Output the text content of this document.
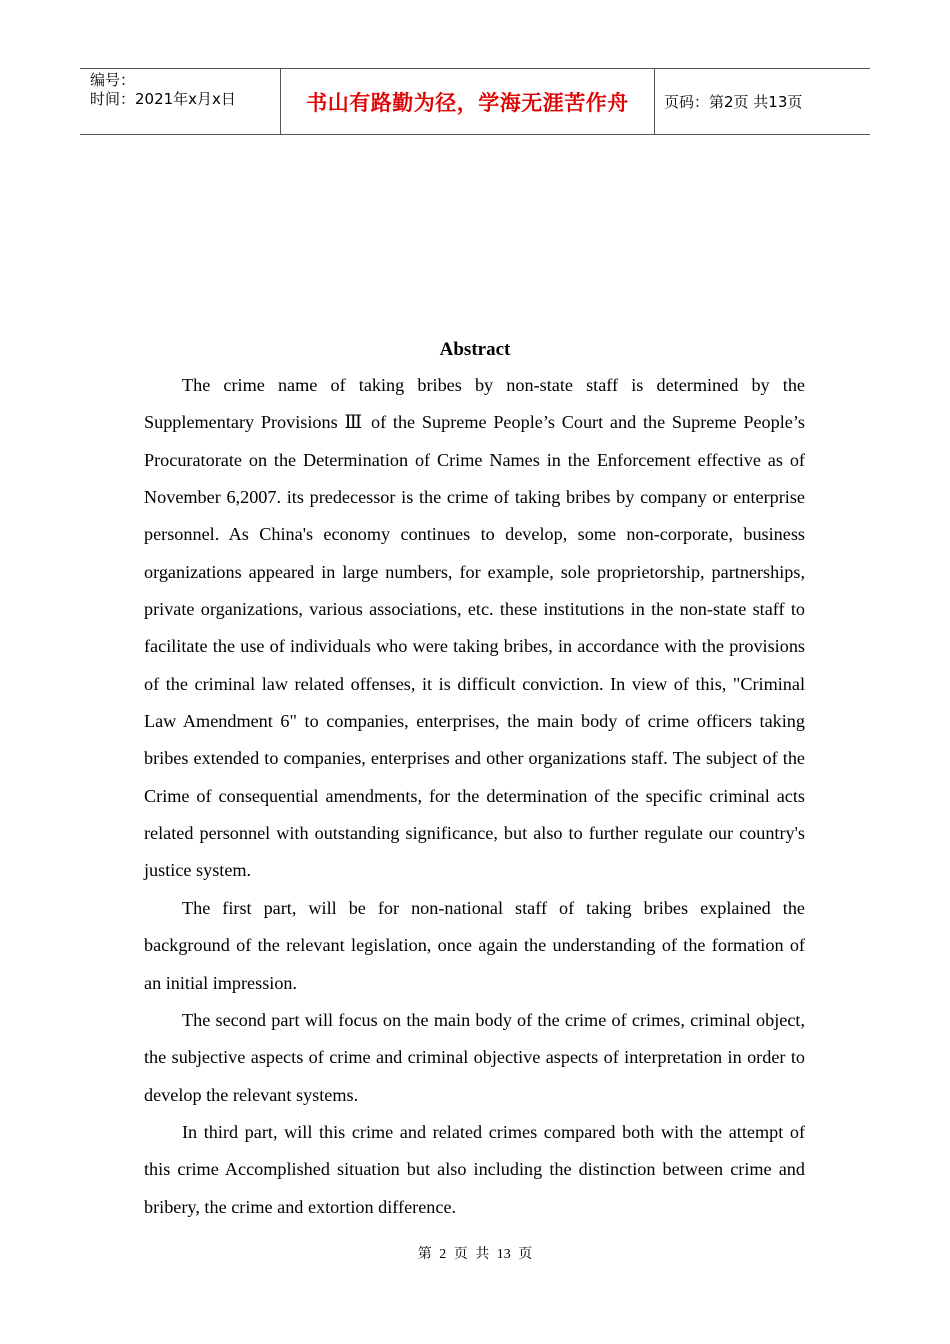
编号：
时间：2021年x月x日	书山有路勤为径，学海无涯苦作舟 页码：第2页 共13页
Abstract

The crime name of taking bribes by non-state staff is determined by the Supplementary Provisions Ⅲ of the Supreme People’s Court and the Supreme People’s Procuratorate on the Determination of Crime Names in the Enforcement effective as of November 6,2007. its predecessor is the crime of taking bribes by company or enterprise personnel. As China's economy continues to develop, some non-corporate, business organizations appeared in large numbers, for example, sole proprietorship, partnerships, private organizations, various associations, etc. these institutions in the non-state staff to facilitate the use of individuals who were taking bribes, in accordance with the provisions of the criminal law related offenses, it is difficult conviction. In view of this, "Criminal Law Amendment 6" to companies, enterprises, the main body of crime officers taking bribes extended to companies, enterprises and other organizations staff. The subject of the Crime of consequential amendments, for the determination of the specific criminal acts related personnel with outstanding significance, but also to further regulate our country's justice system.

The first part, will be for non-national staff of taking bribes explained the background of the relevant legislation, once again the understanding of the formation of an initial impression.

The second part will focus on the main body of the crime of crimes, criminal object, the subjective aspects of crime and criminal objective aspects of interpretation in order to develop the relevant systems.

In third part, will this crime and related crimes compared both with the attempt of this crime Accomplished situation but also including the distinction between crime and bribery, the crime and extortion difference.

第 2 页 共 13 页
